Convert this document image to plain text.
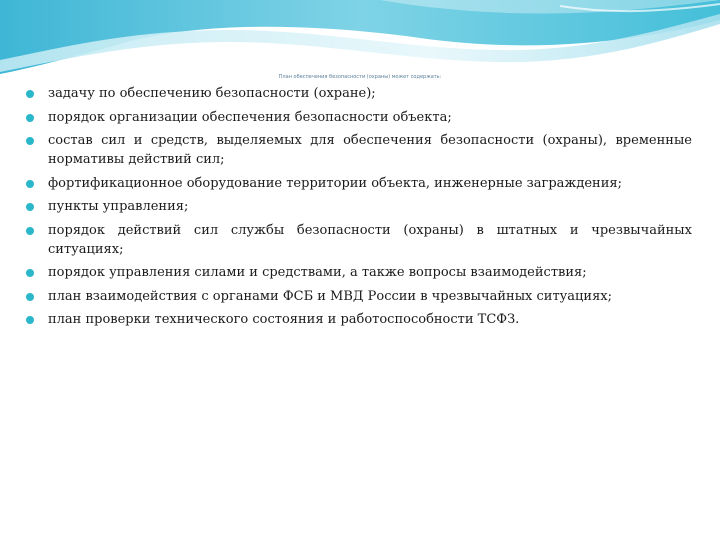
План обеспечения безопасности (охраны) может содержать:
задачу по обеспечению безопасности (охране);
порядок организации обеспечения безопасности объекта;
состав сил и средств, выделяемых для обеспечения безопасности (охраны), временные нормативы действий сил;
фортификационное оборудование территории объекта, инженерные заграждения;
пункты управления;
порядок действий сил службы безопасности (охраны) в штатных и чрезвычайных ситуациях;
порядок управления силами и средствами, а также вопросы взаимодействия;
план взаимодействия с органами ФСБ и МВД России в чрезвычайных ситуациях;
план проверки технического состояния и работоспособности ТСФЗ.
